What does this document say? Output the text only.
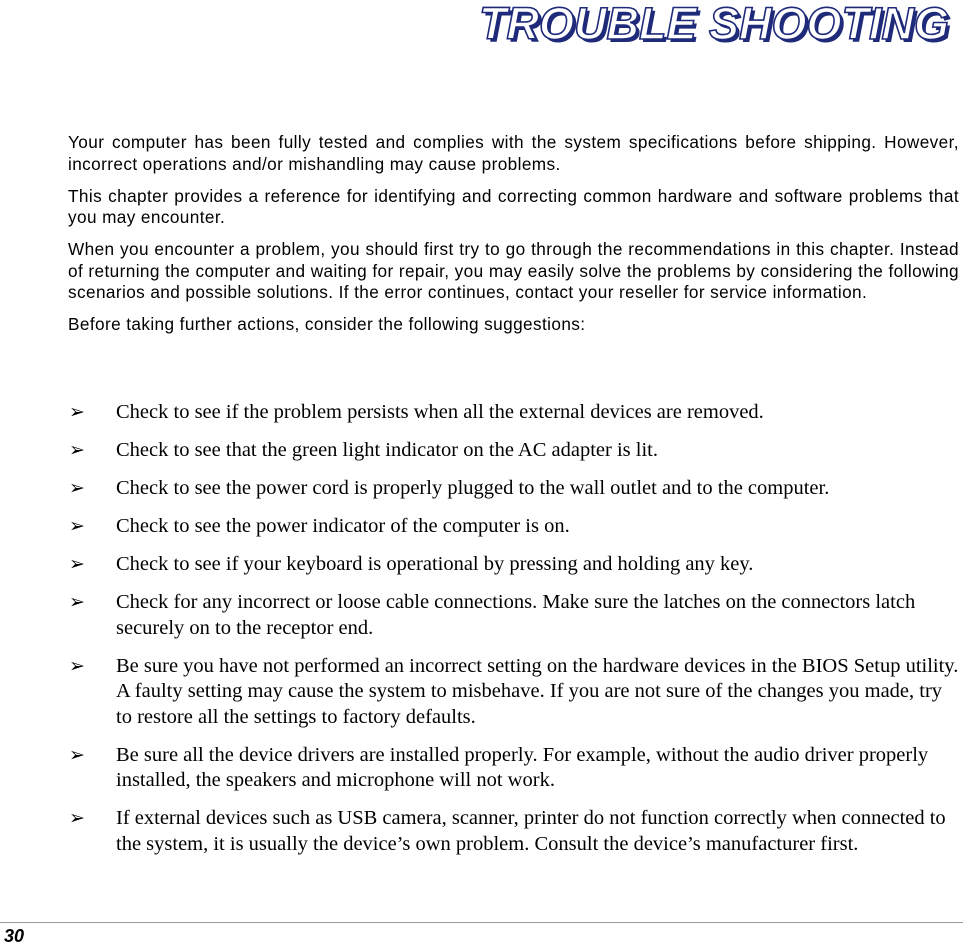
TROUBLE SHOOTING

Your computer has been fully tested and complies with the system specifications before shipping. However, incorrect operations and/or mishandling may cause problems.

This chapter provides a reference for identifying and correcting common hardware and software problems that you may encounter.

When you encounter a problem, you should first try to go through the recommendations in this chapter. Instead of returning the computer and waiting for repair, you may easily solve the problems by considering the following scenarios and possible solutions. If the error continues, contact your reseller for service information.

Before taking further actions, consider the following suggestions:

➢ Check to see if the problem persists when all the external devices are removed.
➢ Check to see that the green light indicator on the AC adapter is lit.
➢ Check to see the power cord is properly plugged to the wall outlet and to the computer.
➢ Check to see the power indicator of the computer is on.
➢ Check to see if your keyboard is operational by pressing and holding any key.
➢ Check for any incorrect or loose cable connections. Make sure the latches on the connectors latch securely on to the receptor end.
➢ Be sure you have not performed an incorrect setting on the hardware devices in the BIOS Setup utility. A faulty setting may cause the system to misbehave. If you are not sure of the changes you made, try to restore all the settings to factory defaults.
➢ Be sure all the device drivers are installed properly. For example, without the audio driver properly installed, the speakers and microphone will not work.
➢ If external devices such as USB camera, scanner, printer do not function correctly when connected to the system, it is usually the device’s own problem. Consult the device’s manufacturer first.
30
